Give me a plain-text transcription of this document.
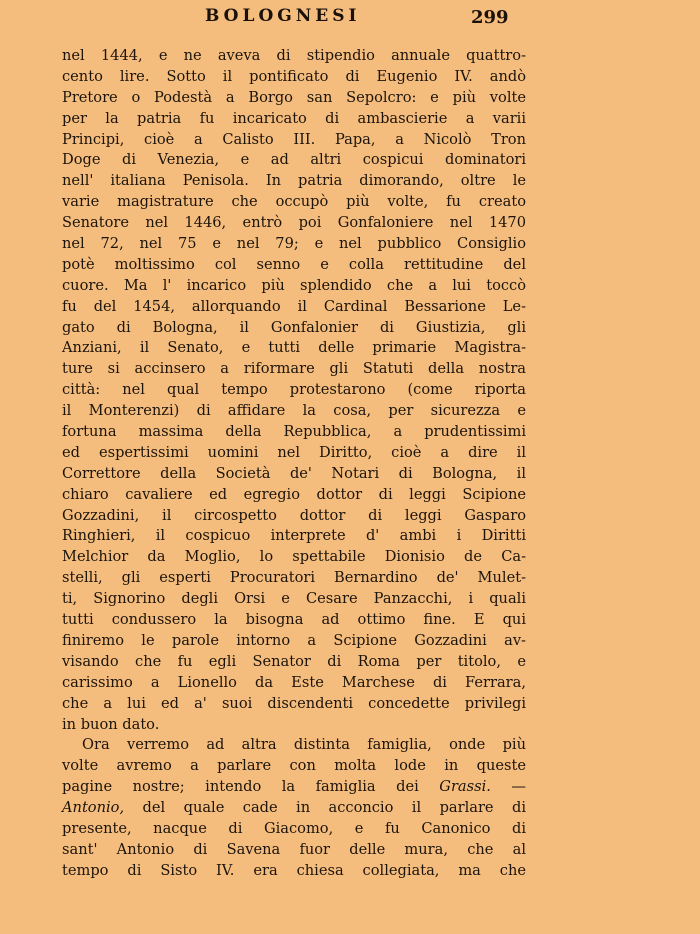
BOLOGNESI	299
nel 1444, e ne aveva di stipendio annuale quattro-
cento lire. Sotto il pontificato di Eugenio IV. andò
Pretore o Podestà a Borgo san Sepolcro: e più volte
per la patria fu incaricato di ambascierie a varii
Principi, cioè a Calisto III. Papa, a Nicolò Tron
Doge di Venezia, e ad altri cospicui dominatori
nell' italiana Penisola. In patria dimorando, oltre le
varie magistrature che occupò più volte, fu creato
Senatore nel 1446, entrò poi Gonfaloniere nel 1470
nel 72, nel 75 e nel 79; e nel pubblico Consiglio
potè moltissimo col senno e colla rettitudine del
cuore. Ma l' incarico più splendido che a lui toccò
fu del 1454, allorquando il Cardinal Bessarione Le-
gato di Bologna, il Gonfalonier di Giustizia, gli
Anziani, il Senato, e tutti delle primarie Magistra-
ture si accinsero a riformare gli Statuti della nostra
città: nel qual tempo protestarono (come riporta
il Monterenzi) di affidare la cosa, per sicurezza e
fortuna massima della Repubblica, a prudentissimi
ed espertissimi uomini nel Diritto, cioè a dire il
Correttore della Società de' Notari di Bologna, il
chiaro cavaliere ed egregio dottor di leggi Scipione
Gozzadini, il circospetto dottor di leggi Gasparo
Ringhieri, il cospicuo interprete d' ambi i Diritti
Melchior da Moglio, lo spettabile Dionisio de Ca-
stelli, gli esperti Procuratori Bernardino de' Mulet-
ti, Signorino degli Orsi e Cesare Panzacchi, i quali
tutti condussero la bisogna ad ottimo fine. E qui
finiremo le parole intorno a Scipione Gozzadini av-
visando che fu egli Senator di Roma per titolo, e
carissimo a Lionello da Este Marchese di Ferrara,
che a lui ed a' suoi discendenti concedette privilegi
in buon dato.
Ora verremo ad altra distinta famiglia, onde più
volte avremo a parlare con molta lode in queste
pagine nostre; intendo la famiglia dei Grassi. —
Antonio, del quale cade in acconcio il parlare di
presente, nacque di Giacomo, e fu Canonico di
sant' Antonio di Savena fuor delle mura, che al
tempo di Sisto IV. era chiesa collegiata, ma che
